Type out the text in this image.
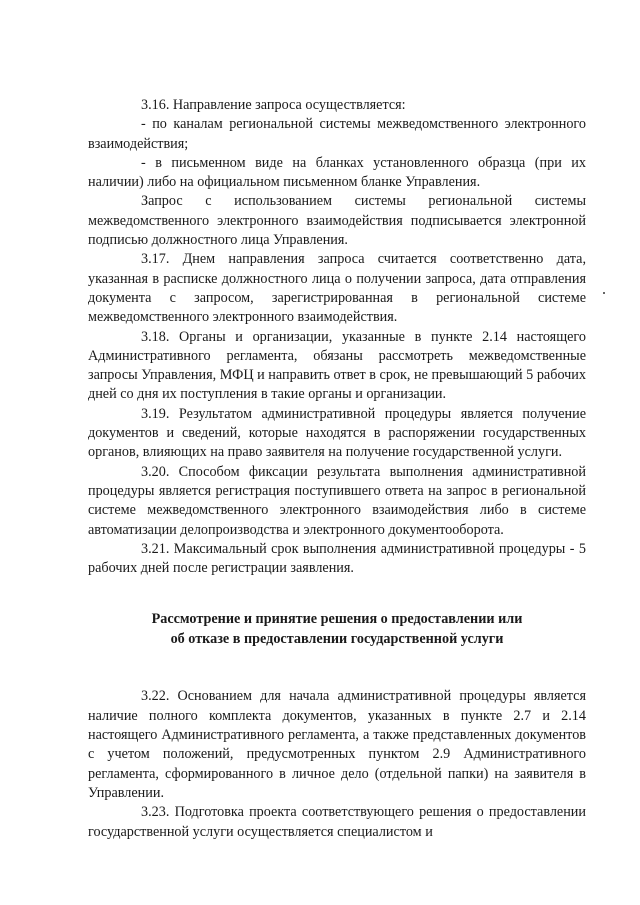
3.16. Направление запроса осуществляется:

- по каналам региональной системы межведомственного электронного взаимодействия;

- в письменном виде на бланках установленного образца (при их наличии) либо на официальном письменном бланке Управления.

Запрос с использованием системы региональной системы межведомственного электронного взаимодействия подписывается электронной подписью должностного лица Управления.

3.17. Днем направления запроса считается соответственно дата, указанная в расписке должностного лица о получении запроса, дата отправления документа с запросом, зарегистрированная в региональной системе межведомственного электронного взаимодействия.

3.18. Органы и организации, указанные в пункте 2.14 настоящего Административного регламента, обязаны рассмотреть межведомственные запросы Управления, МФЦ и направить ответ в срок, не превышающий 5 рабочих дней со дня их поступления в такие органы и организации.

3.19. Результатом административной процедуры является получение документов и сведений, которые находятся в распоряжении государственных органов, влияющих на право заявителя на получение государственной услуги.

3.20. Способом фиксации результата выполнения административной процедуры является регистрация поступившего ответа на запрос в региональной системе межведомственного электронного взаимодействия либо в системе автоматизации делопроизводства и электронного документооборота.

3.21. Максимальный срок выполнения административной процедуры - 5 рабочих дней после регистрации заявления.

Рассмотрение и принятие решения о предоставлении или
об отказе в предоставлении государственной услуги

3.22. Основанием для начала административной процедуры является наличие полного комплекта документов, указанных в пункте 2.7 и 2.14 настоящего Административного регламента, а также представленных документов с учетом положений, предусмотренных пунктом 2.9 Административного регламента, сформированного в личное дело (отдельной папки) на заявителя в Управлении.

3.23. Подготовка проекта соответствующего решения о предоставлении государственной услуги осуществляется специалистом и
